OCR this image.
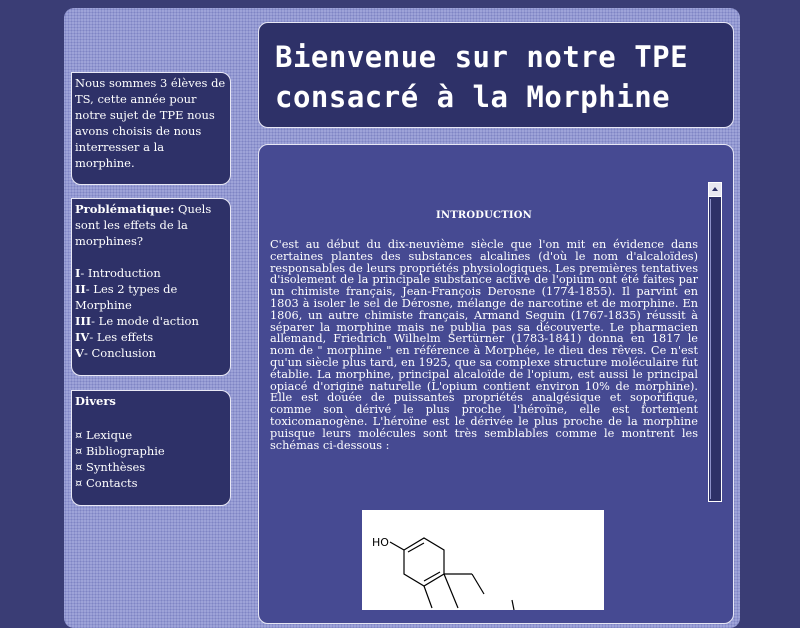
Nous sommes 3 élèves de TS, cette année pour notre sujet de TPE nous avons choisis de nous interresser a la morphine.
Problématique: Quels sont les effets de la morphines?
I- Introduction
II- Les 2 types de Morphine
III- Le mode d'action
IV- Les effets
V- Conclusion
Divers
¤ Lexique
¤ Bibliographie
¤ Synthèses
¤ Contacts
Bienvenue sur notre TPE
consacré à la Morphine
INTRODUCTION
C'est au début du dix-neuvième siècle que l'on mit en évidence dans certaines plantes des substances alcalines (d'où le nom d'alcaloïdes) responsables de leurs propriétés physiologiques. Les premières tentatives d'isolement de la principale substance active de l'opium ont été faites par un chimiste français, Jean-François Derosne (1774-1855). Il parvint en 1803 à isoler le sel de Dérosne, mélange de narcotine et de morphine. En 1806, un autre chimiste français, Armand Seguin (1767-1835) réussit à séparer la morphine mais ne publia pas sa découverte. Le pharmacien allemand, Friedrich Wilhelm Sertürner (1783-1841) donna en 1817 le nom de " morphine " en référence à Morphée, le dieu des rêves. Ce n'est qu'un siècle plus tard, en 1925, que sa complexe structure moléculaire fut établie. La morphine, principal alcaloïde de l'opium, est aussi le principal opiacé d'origine naturelle (L'opium contient environ 10% de morphine). Elle est douée de puissantes propriétés analgésique et soporifique, comme son dérivé le plus proche l'héroïne, elle est fortement toxicomanogène. L'héroïne est le dérivée le plus proche de la morphine puisque leurs molécules sont très semblables comme le montrent les schémas ci-dessous :
HO
